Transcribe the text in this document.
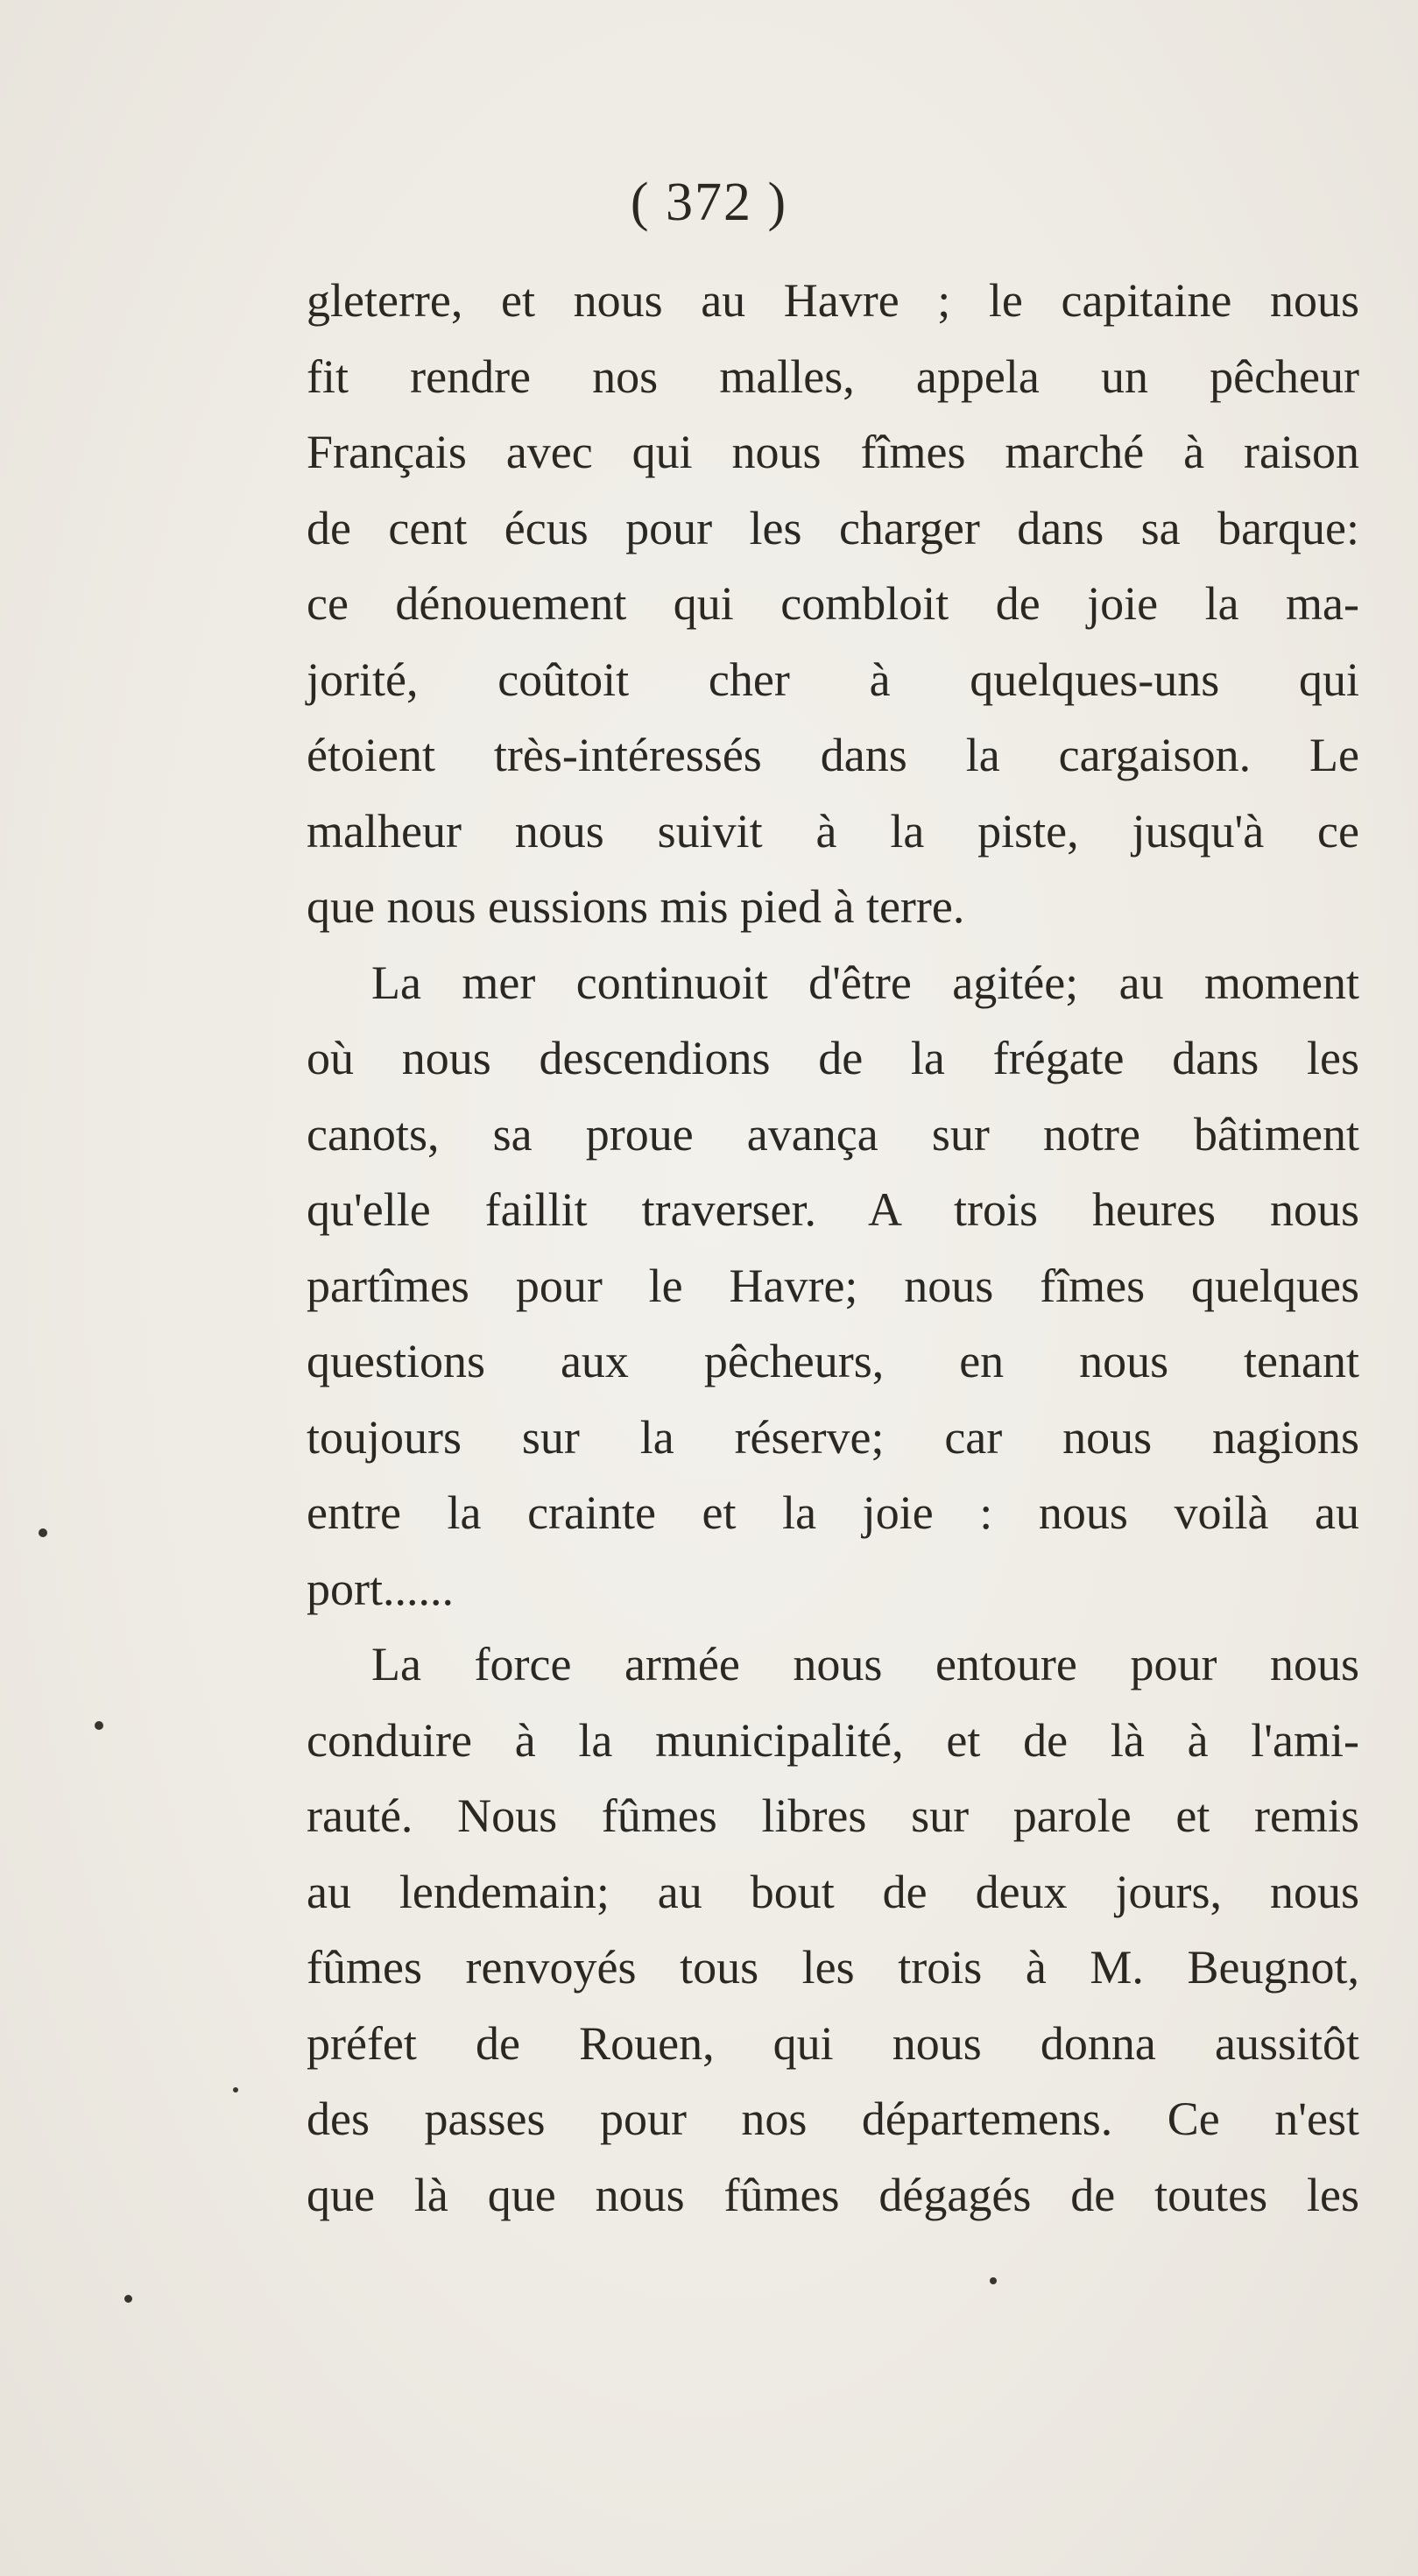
( 372 )
gleterre, et nous au Havre ; le capitaine nous
fit rendre nos malles, appela un pêcheur
Français avec qui nous fîmes marché à raison
de cent écus pour les charger dans sa barque:
ce dénouement qui combloit de joie la ma-
jorité, coûtoit cher à quelques-uns qui
étoient très-intéressés dans la cargaison. Le
malheur nous suivit à la piste, jusqu'à ce
que nous eussions mis pied à terre.
La mer continuoit d'être agitée; au moment
où nous descendions de la frégate dans les
canots, sa proue avança sur notre bâtiment
qu'elle faillit traverser. A trois heures nous
partîmes pour le Havre; nous fîmes quelques
questions aux pêcheurs, en nous tenant
toujours sur la réserve; car nous nagions
entre la crainte et la joie : nous voilà au
port......
La force armée nous entoure pour nous
conduire à la municipalité, et de là à l'ami-
rauté. Nous fûmes libres sur parole et remis
au lendemain; au bout de deux jours, nous
fûmes renvoyés tous les trois à M. Beugnot,
préfet de Rouen, qui nous donna aussitôt
des passes pour nos départemens. Ce n'est
que là que nous fûmes dégagés de toutes les
